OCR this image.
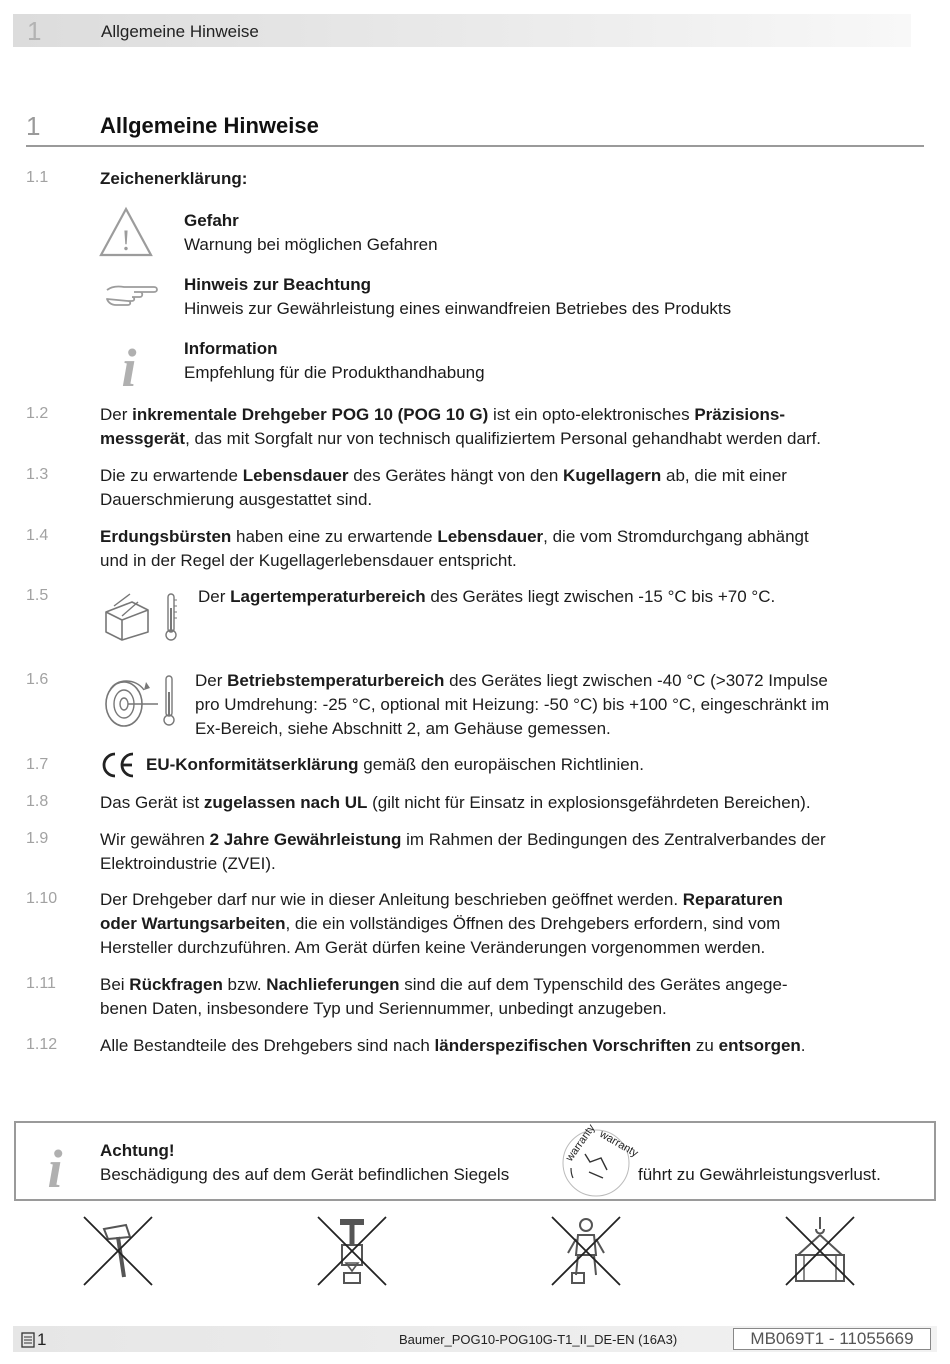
1	Allgemeine Hinweise
1	Allgemeine Hinweise
1.1	Zeichenerklärung:
!
Gefahr
Warnung bei möglichen Gefahren
Hinweis zur Beachtung
Hinweis zur Gewährleistung eines einwandfreien Betriebes des Produkts
i	Information
Empfehlung für die Produkthandhabung
1.2	Der inkrementale Drehgeber POG 10 (POG 10 G) ist ein opto-elektronisches Präzisions-
messgerät, das mit Sorgfalt nur von technisch qualifiziertem Personal gehandhabt werden darf.
1.3	Die zu erwartende Lebensdauer des Gerätes hängt von den Kugellagern ab, die mit einer
Dauerschmierung ausgestattet sind.
1.4	Erdungsbürsten haben eine zu erwartende Lebensdauer, die vom Stromdurchgang abhängt
und in der Regel der Kugellagerlebensdauer entspricht.
1.5	Der Lagertemperaturbereich des Gerätes liegt zwischen -15 °C bis +70 °C.
1.6	Der Betriebstemperaturbereich des Gerätes liegt zwischen -40 °C (>3072 Impulse
pro Umdrehung: -25 °C, optional mit Heizung: -50 °C) bis +100 °C, eingeschränkt im
Ex-Bereich, siehe Abschnitt 2, am Gehäuse gemessen.
1.7	EU-Konformitätserklärung gemäß den europäischen Richtlinien.
1.8	Das Gerät ist zugelassen nach UL (gilt nicht für Einsatz in explosionsgefährdeten Bereichen).
1.9	Wir gewähren 2 Jahre Gewährleistung im Rahmen der Bedingungen des Zentralverbandes der
Elektroindustrie (ZVEI).
1.10	Der Drehgeber darf nur wie in dieser Anleitung beschrieben geöffnet werden. Reparaturen
oder Wartungsarbeiten, die ein vollständiges Öffnen des Drehgebers erfordern, sind vom
Hersteller durchzuführen. Am Gerät dürfen keine Veränderungen vorgenommen werden.
1.11	Bei Rückfragen bzw. Nachlieferungen sind die auf dem Typenschild des Gerätes angege-
benen Daten, insbesondere Typ und Seriennummer, unbedingt anzugeben.
1.12	Alle Bestandteile des Drehgebers sind nach länderspezifischen Vorschriften zu entsorgen.
i Achtung!
Beschädigung des auf dem Gerät befindlichen Siegels
warranty warranty
führt zu Gewährleistungsverlust.
1	Baumer_POG10-POG10G-T1_II_DE-EN (16A3)	MB069T1 - 11055669
